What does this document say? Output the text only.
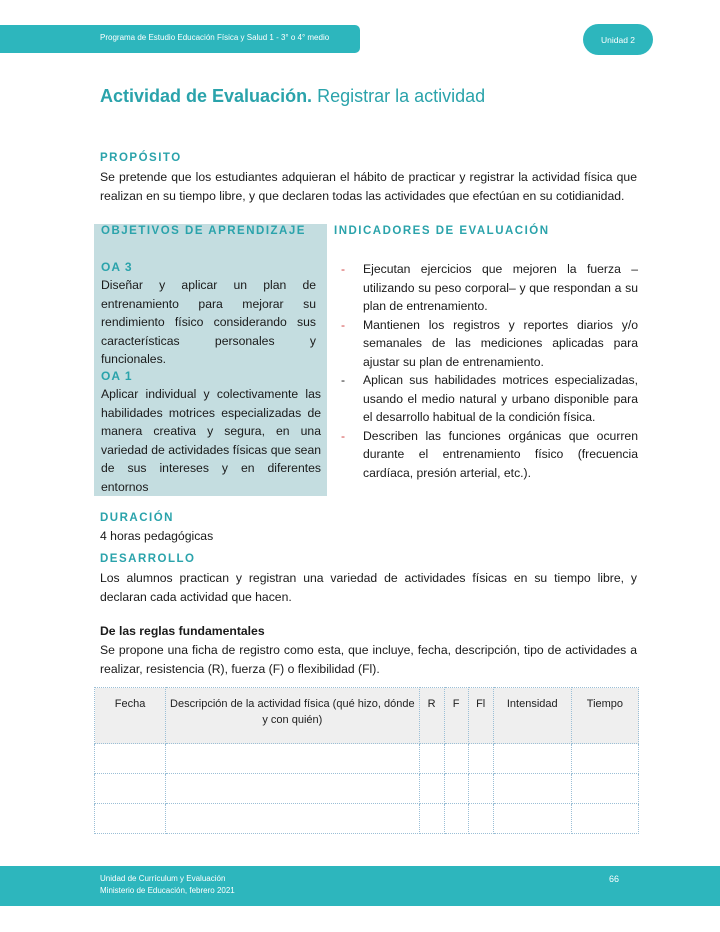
Programa de Estudio Educación Física y Salud 1 - 3° o 4° medio	Unidad 2
Actividad de Evaluación. Registrar la actividad
PROPÓSITO
Se pretende que los estudiantes adquieran el hábito de practicar y registrar la actividad física que realizan en su tiempo libre, y que declaren todas las actividades que efectúan en su cotidianidad.
OBJETIVOS DE APRENDIZAJE
OA 3
Diseñar y aplicar un plan de entrenamiento para mejorar su rendimiento físico considerando sus características personales y funcionales.
OA 1
Aplicar individual y colectivamente las habilidades motrices especializadas de manera creativa y segura, en una variedad de actividades físicas que sean de sus intereses y en diferentes entornos
INDICADORES DE EVALUACIÓN
- Ejecutan ejercicios que mejoren la fuerza – utilizando su peso corporal– y que respondan a su plan de entrenamiento.
- Mantienen los registros y reportes diarios y/o semanales de las mediciones aplicadas para ajustar su plan de entrenamiento.
- Aplican sus habilidades motrices especializadas, usando el medio natural y urbano disponible para el desarrollo habitual de la condición física.
- Describen las funciones orgánicas que ocurren durante el entrenamiento físico (frecuencia cardíaca, presión arterial, etc.).
DURACIÓN
4 horas pedagógicas
DESARROLLO
Los alumnos practican y registran una variedad de actividades físicas en su tiempo libre, y declaran cada actividad que hacen.
De las reglas fundamentales
Se propone una ficha de registro como esta, que incluye, fecha, descripción, tipo de actividades a realizar, resistencia (R), fuerza (F) o flexibilidad (Fl).
Fecha	Descripción de la actividad física (qué hizo, dónde y con quién)	R	F	Fl	Intensidad	Tiempo

Unidad de Currículum y Evaluación
Ministerio de Educación, febrero 2021
66
